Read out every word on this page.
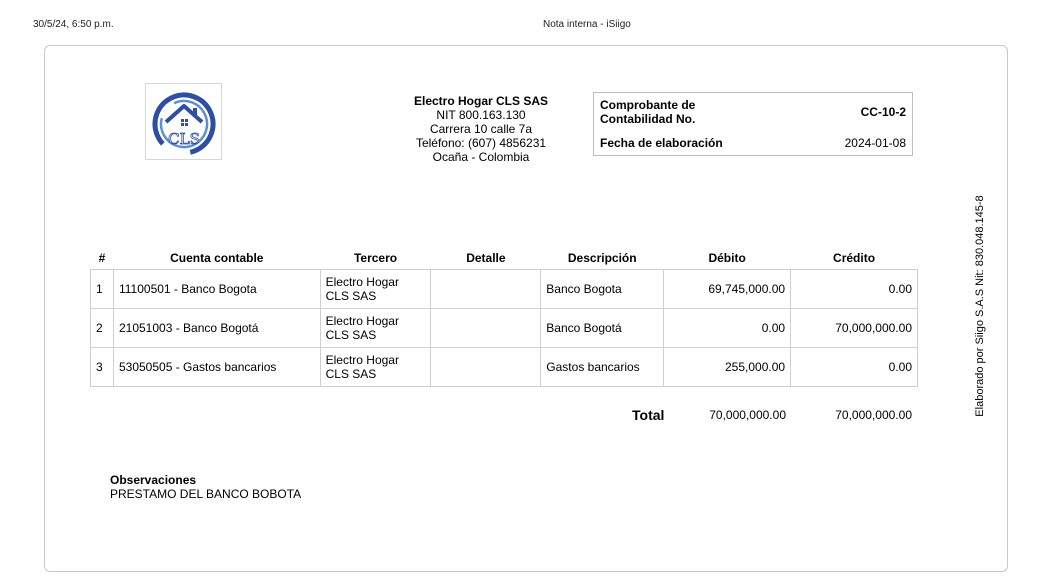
30/5/24, 6:50 p.m.	Nota interna - iSiigo
CLS
Electro Hogar CLS SAS
NIT 800.163.130
Carrera 10 calle 7a
Teléfono: (607) 4856231
Ocaña - Colombia
Comprobante de
Contabilidad No.	CC-10-2
Fecha de elaboración	2024-01-08
Elaborado por Siigo S.A.S Nit: 830.048.145-8
#	Cuenta contable	Tercero	Detalle	Descripción	Débito	Crédito
1	11100501 - Banco Bogota	Electro Hogar
CLS SAS		Banco Bogota	69,745,000.00	0.00
2	21051003 - Banco Bogotá	Electro Hogar
CLS SAS		Banco Bogotá	0.00	70,000,000.00
3	53050505 - Gastos bancarios	Electro Hogar
CLS SAS		Gastos bancarios	255,000.00	0.00
Total	70,000,000.00	70,000,000.00
Observaciones
PRESTAMO DEL BANCO BOBOTA
